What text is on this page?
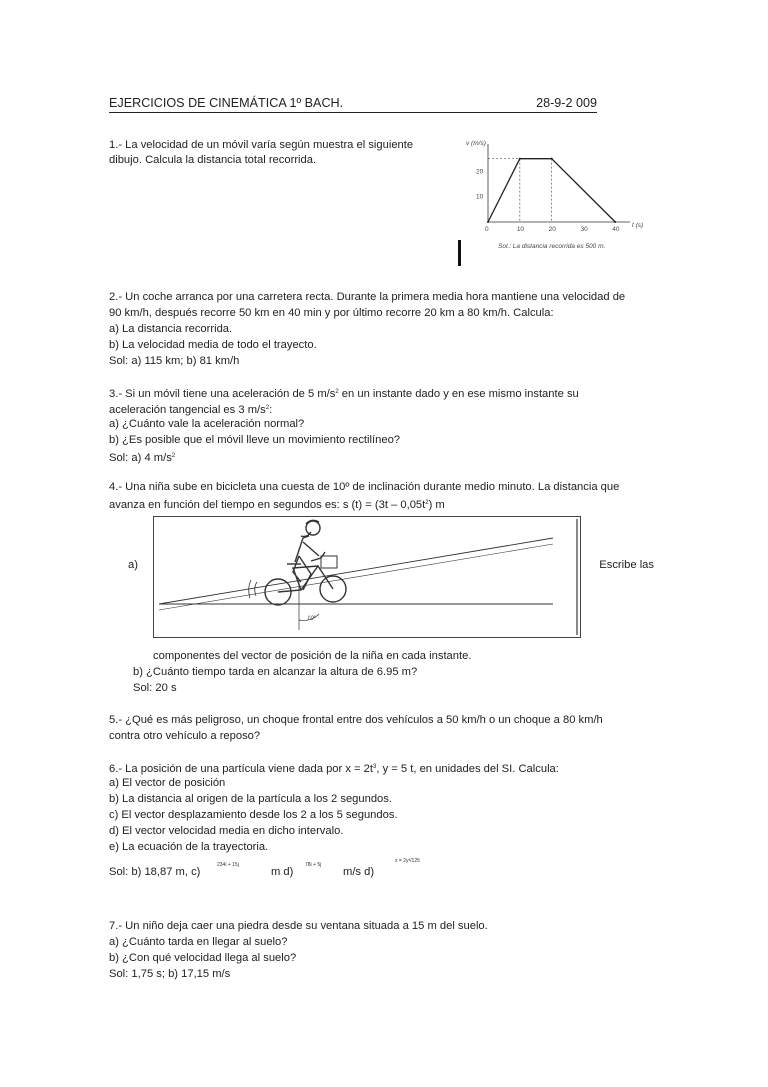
EJERCICIOS DE CINEMÁTICA 1º BACH.	28-9-2 009
1.- La velocidad de un móvil varía según muestra el siguiente
dibujo. Calcula la distancia total recorrida.
0	10	20	30	40
10
20
v (m/s)
t (s)
Sol.: La distancia recorrida es 500 m.
2.- Un coche arranca por una carretera recta. Durante la primera media hora mantiene una velocidad de
90 km/h, después recorre 50 km en 40 min y por último recorre 20 km a 80 km/h. Calcula:
a) La distancia recorrida.
b) La velocidad media de todo el trayecto.
Sol: a) 115 km; b) 81 km/h
3.- Si un móvil tiene una aceleración de 5 $m/s^2$ en un instante dado y en ese mismo instante su
aceleración tangencial es 3 $m/s^2$:
a) ¿Cuánto vale la aceleración normal?
b) ¿Es posible que el móvil lleve un movimiento rectilíneo?
Sol: a) 4 $m/s^2$
4.- Una niña sube en bicicleta una cuesta de 10º de inclinación durante medio minuto. La distancia que
avanza en función del tiempo en segundos es: s $(t) = (3t - 0,05t^2)$ m
10º
a)	Escribe las
componentes del vector de posición de la niña en cada instante.
b) ¿Cuánto tiempo tarda en alcanzar la altura de 6.95 m?
Sol: 20 s
5.- ¿Qué es más peligroso, un choque frontal entre dos vehículos a 50 km/h o un choque a 80 km/h
contra otro vehículo a reposo?
6.- La posición de una partícula viene dada por $x = 2t^3$, y = 5 t, en unidades del SI. Calcula:
a) El vector de posición
b) La distancia al origen de la partícula a los 2 segundos.
c) El vector desplazamiento desde los 2 a los 5 segundos.
d) El vector velocidad media en dicho intervalo.
e) La ecuación de la trayectoria.
Sol: b) 18,87 m, c)
234i + 15j
m d)
78i + 5j
m/s d)
x = 2y³/125
7.- Un niño deja caer una piedra desde su ventana situada a 15 m del suelo.
a) ¿Cuánto tarda en llegar al suelo?
b) ¿Con qué velocidad llega al suelo?
Sol: 1,75 s; b) 17,15 m/s
